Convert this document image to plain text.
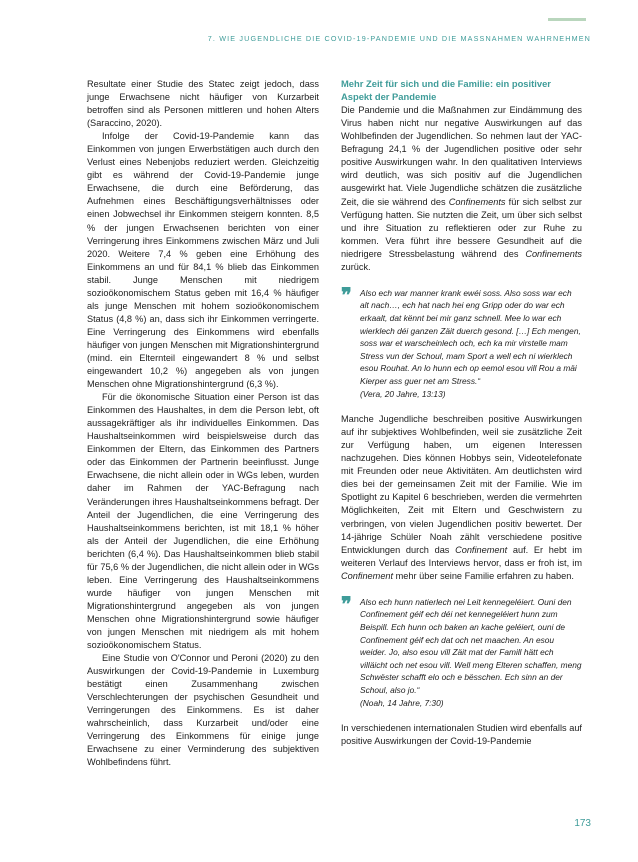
7. WIE JUGENDLICHE DIE COVID-19-PANDEMIE UND DIE MASSNAHMEN WAHRNEHMEN

Resultate einer Studie des Statec zeigt jedoch, dass junge Erwachsene nicht häufiger von Kurzarbeit betroffen sind als Personen mittleren und hohen Alters (Saraccino, 2020).

Infolge der Covid-19-Pandemie kann das Einkommen von jungen Erwerbstätigen auch durch den Verlust eines Nebenjobs reduziert werden. Gleichzeitig gibt es während der Covid-19-Pandemie junge Erwachsene, die durch eine Beförderung, das Aufnehmen eines Beschäftigungsverhältnisses oder einen Jobwechsel ihr Einkommen steigern konnten. 8,5 % der jungen Erwachsenen berichten von einer Verringerung ihres Einkommens zwischen März und Juli 2020. Weitere 7,4 % geben eine Erhöhung des Einkommens an und für 84,1 % blieb das Einkommen stabil. Junge Menschen mit niedrigem sozioökonomischem Status geben mit 16,4 % häufiger als junge Menschen mit hohem sozioökonomischem Status (4,8 %) an, dass sich ihr Einkommen verringerte. Eine Verringerung des Einkommens wird ebenfalls häufiger von jungen Menschen mit Migrationshintergrund (mind. ein Elternteil eingewandert 8 % und selbst eingewandert 10,2 %) angegeben als von jungen Menschen ohne Migrationshintergrund (6,3 %).

Für die ökonomische Situation einer Person ist das Einkommen des Haushaltes, in dem die Person lebt, oft aussagekräftiger als ihr individuelles Einkommen. Das Haushaltseinkommen wird beispielsweise durch das Einkommen der Eltern, das Einkommen des Partners oder das Einkommen der Partnerin beeinflusst. Junge Erwachsene, die nicht allein oder in WGs leben, wurden daher im Rahmen der YAC-Befragung nach Veränderungen ihres Haushaltseinkommens befragt. Der Anteil der Jugendlichen, die eine Verringerung des Haushaltseinkommens berichten, ist mit 18,1 % höher als der Anteil der Jugendlichen, die eine Erhöhung berichten (6,4 %). Das Haushaltseinkommen blieb stabil für 75,6 % der Jugendlichen, die nicht allein oder in WGs leben. Eine Verringerung des Haushaltseinkommens wurde häufiger von jungen Menschen mit Migrationshintergrund angegeben als von jungen Menschen ohne Migrationshintergrund sowie häufiger von jungen Menschen mit niedrigem als mit hohem sozioökonomischem Status.

Eine Studie von O'Connor und Peroni (2020) zu den Auswirkungen der Covid-19-Pandemie in Luxemburg bestätigt einen Zusammenhang zwischen Verschlechterungen der psychischen Gesundheit und Verringerungen des Einkommens. Es ist daher wahrscheinlich, dass Kurzarbeit und/oder eine Verringerung des Einkommens für einige junge Erwachsene zu einer Verminderung des subjektiven Wohlbefindens führt.

Mehr Zeit für sich und die Familie: ein positiver Aspekt der Pandemie

Die Pandemie und die Maßnahmen zur Eindämmung des Virus haben nicht nur negative Auswirkungen auf das Wohlbefinden der Jugendlichen. So nehmen laut der YAC-Befragung 24,1 % der Jugendlichen positive oder sehr positive Auswirkungen wahr. In den qualitativen Interviews wird deutlich, was sich positiv auf die Jugendlichen ausgewirkt hat. Viele Jugendliche schätzen die zusätzliche Zeit, die sie während des Confinements für sich selbst zur Verfügung hatten. Sie nutzten die Zeit, um über sich selbst und ihre Situation zu reflektieren oder zur Ruhe zu kommen. Vera führt ihre bessere Gesundheit auf die niedrigere Stressbelastung während des Confinements zurück.

❞ Also ech war manner krank ewéi soss. Also soss war ech alt nach…, ech hat nach hei eng Gripp oder do war ech erkaalt, dat kënnt bei mir ganz schnell. Mee lo war ech wierklech déi ganzen Zäit duerch gesond. […] Ech mengen, soss war et warscheinlech och, ech ka mir virstelle mam Stress vun der Schoul, mam Sport a well ech ni wierklech esou Rouhat. An lo hunn ech op eemol esou vill Rou a mäi Kierper ass guer net am Stress.“

(Vera, 20 Jahre, 13:13)

Manche Jugendliche beschreiben positive Auswirkungen auf ihr subjektives Wohlbefinden, weil sie zusätzliche Zeit zur Verfügung haben, um eigenen Interessen nachzugehen. Dies können Hobbys sein, Videotelefonate mit Freunden oder neue Aktivitäten. Am deutlichsten wird dies bei der gemeinsamen Zeit mit der Familie. Wie im Spotlight zu Kapitel 6 beschrieben, werden die vermehrten Möglichkeiten, Zeit mit Eltern und Geschwistern zu verbringen, von vielen Jugendlichen positiv bewertet. Der 14-jährige Schüler Noah zählt verschiedene positive Entwicklungen durch das Confinement auf. Er hebt im weiteren Verlauf des Interviews hervor, dass er froh ist, im Confinement mehr über seine Familie erfahren zu haben.

❞ Also ech hunn natierlech nei Leit kennegeléiert. Ouni den Confinement géif ech déi net kennegeléiert hunn zum Beispill. Ech hunn och baken an kache geléiert, ouni de Confinement géif ech dat och net maachen. An esou weider. Jo, also esou vill Zäit mat der Famill hätt ech villäicht och net esou vill. Well meng Elteren schaffen, meng Schwëster schafft elo och e bësschen. Ech sinn an der Schoul, also jo.“

(Noah, 14 Jahre, 7:30)

In verschiedenen internationalen Studien wird ebenfalls auf positive Auswirkungen der Covid-19-Pandemie

173
